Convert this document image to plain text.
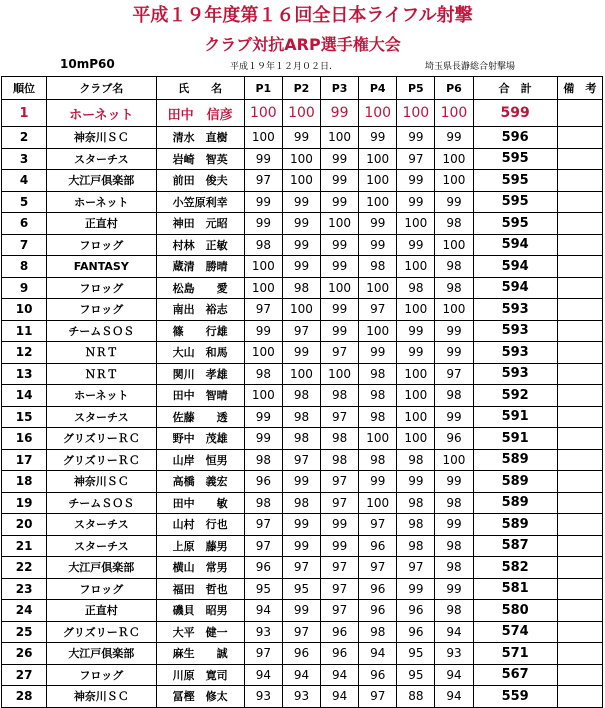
平成１９年度第１６回全日本ライフル射撃
クラブ対抗ARP選手権大会
10mP60	平成１９年１２月０２日.	埼玉県長瀞総合射撃場
順位	クラブ名	氏　　名	P1	P2	P3	P4	P5	P6	合　計	備　考
1	ホーネット	田中　信彦	100	100	99	100	100	100	599	
2	神奈川ＳＣ	清水　直樹	100	99	100	99	99	99	596	
3	スターチス	岩崎　智英	99	100	99	100	97	100	595	
4	大江戸倶楽部	前田　俊夫	97	100	99	100	99	100	595	
5	ホーネット	小笠原利幸	99	99	99	100	99	99	595	
6	正直村	神田　元昭	99	99	100	99	100	98	595	
7	フロッグ	村林　正敏	98	99	99	99	99	100	594	
8	FANTASY	蔵清　勝晴	100	99	99	98	100	98	594	
9	フロッグ	松島　　愛	100	98	100	100	98	98	594	
10	フロッグ	南出　裕志	97	100	99	97	100	100	593	
11	チームＳＯＳ	篠　　行雄	99	97	99	100	99	99	593	
12	ＮＲＴ	大山　和馬	100	99	97	99	99	99	593	
13	ＮＲＴ	関川　孝雄	98	100	100	98	100	97	593	
14	ホーネット	田中　智晴	100	98	98	98	100	98	592	
15	スターチス	佐藤　　透	99	98	97	98	100	99	591	
16	グリズリーＲＣ	野中　茂雄	99	98	98	100	100	96	591	
17	グリズリーＲＣ	山岸　恒男	98	97	98	98	98	100	589	
18	神奈川ＳＣ	高橋　義宏	96	99	97	99	99	99	589	
19	チームＳＯＳ	田中　　敏	98	98	97	100	98	98	589	
20	スターチス	山村　行也	97	99	99	97	98	99	589	
21	スターチス	上原　藤男	97	99	99	96	98	98	587	
22	大江戸倶楽部	横山　常男	96	97	97	97	97	98	582	
23	フロッグ	福田　哲也	95	95	97	96	99	99	581	
24	正直村	磯貝　昭男	94	99	97	96	96	98	580	
25	グリズリーＲＣ	大平　健一	93	97	96	98	96	94	574	
26	大江戸倶楽部	麻生　　誠	97	96	96	94	95	93	571	
27	フロッグ	川原　寛司	94	94	94	96	95	94	567	
28	神奈川ＳＣ	冨樫　修太	93	93	94	97	88	94	559	
